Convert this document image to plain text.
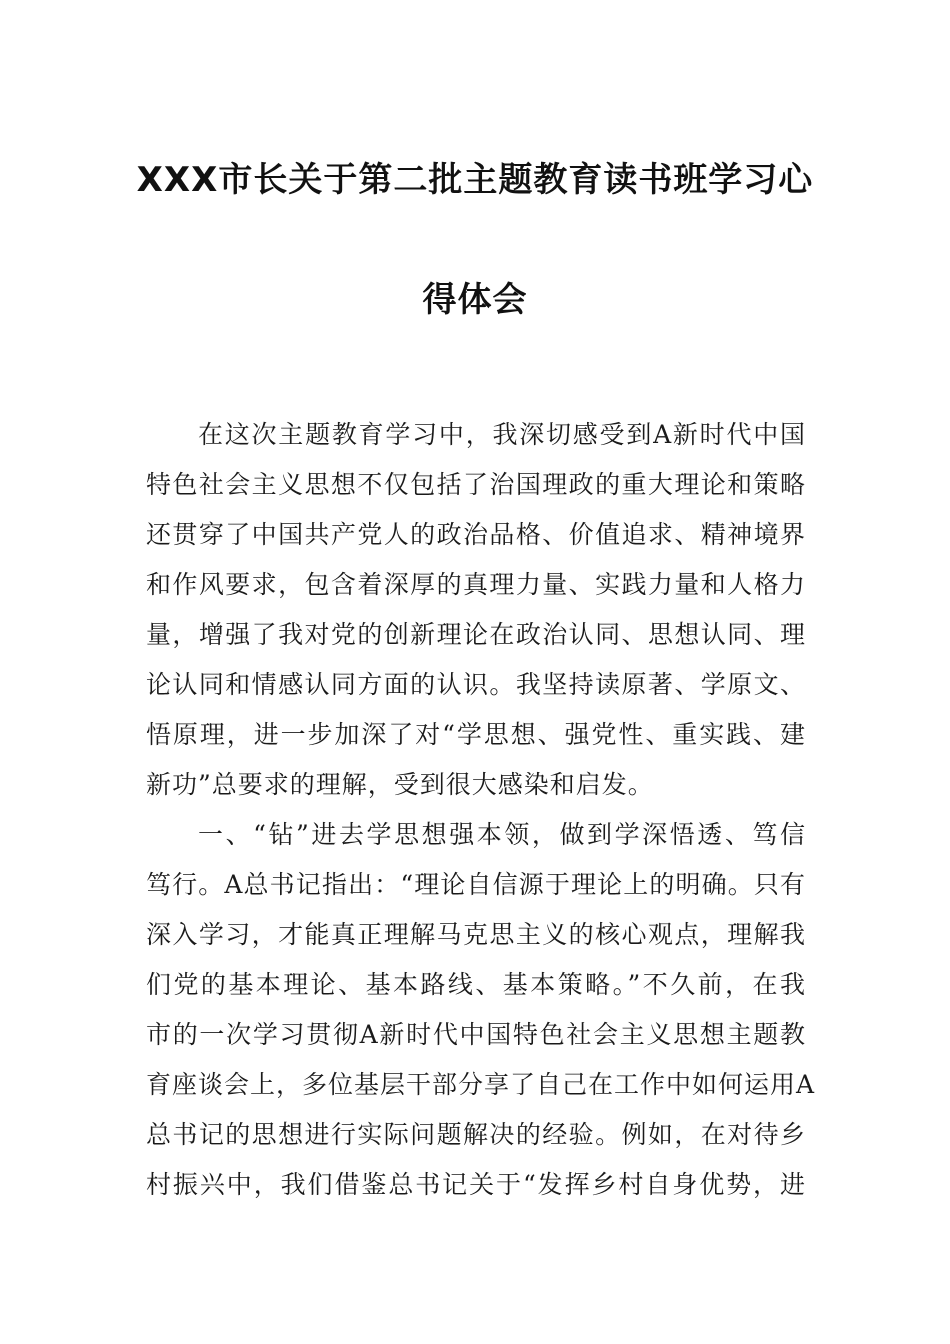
XXX市长关于第二批主题教育读书班学习心
得体会
在这次主题教育学习中，我深切感受到A新时代中国
特色社会主义思想不仅包括了治国理政的重大理论和策略
还贯穿了中国共产党人的政治品格、价值追求、精神境界
和作风要求，包含着深厚的真理力量、实践力量和人格力
量，增强了我对党的创新理论在政治认同、思想认同、理
论认同和情感认同方面的认识。我坚持读原著、学原文、
悟原理，进一步加深了对“学思想、强党性、重实践、建
新功”总要求的理解，受到很大感染和启发。
一、“钻”进去学思想强本领，做到学深悟透、笃信
笃行。A总书记指出：“理论自信源于理论上的明确。只有
深入学习，才能真正理解马克思主义的核心观点，理解我
们党的基本理论、基本路线、基本策略。”不久前，在我
市的一次学习贯彻A新时代中国特色社会主义思想主题教
育座谈会上，多位基层干部分享了自己在工作中如何运用A
总书记的思想进行实际问题解决的经验。例如，在对待乡
村振兴中，我们借鉴总书记关于“发挥乡村自身优势，进
